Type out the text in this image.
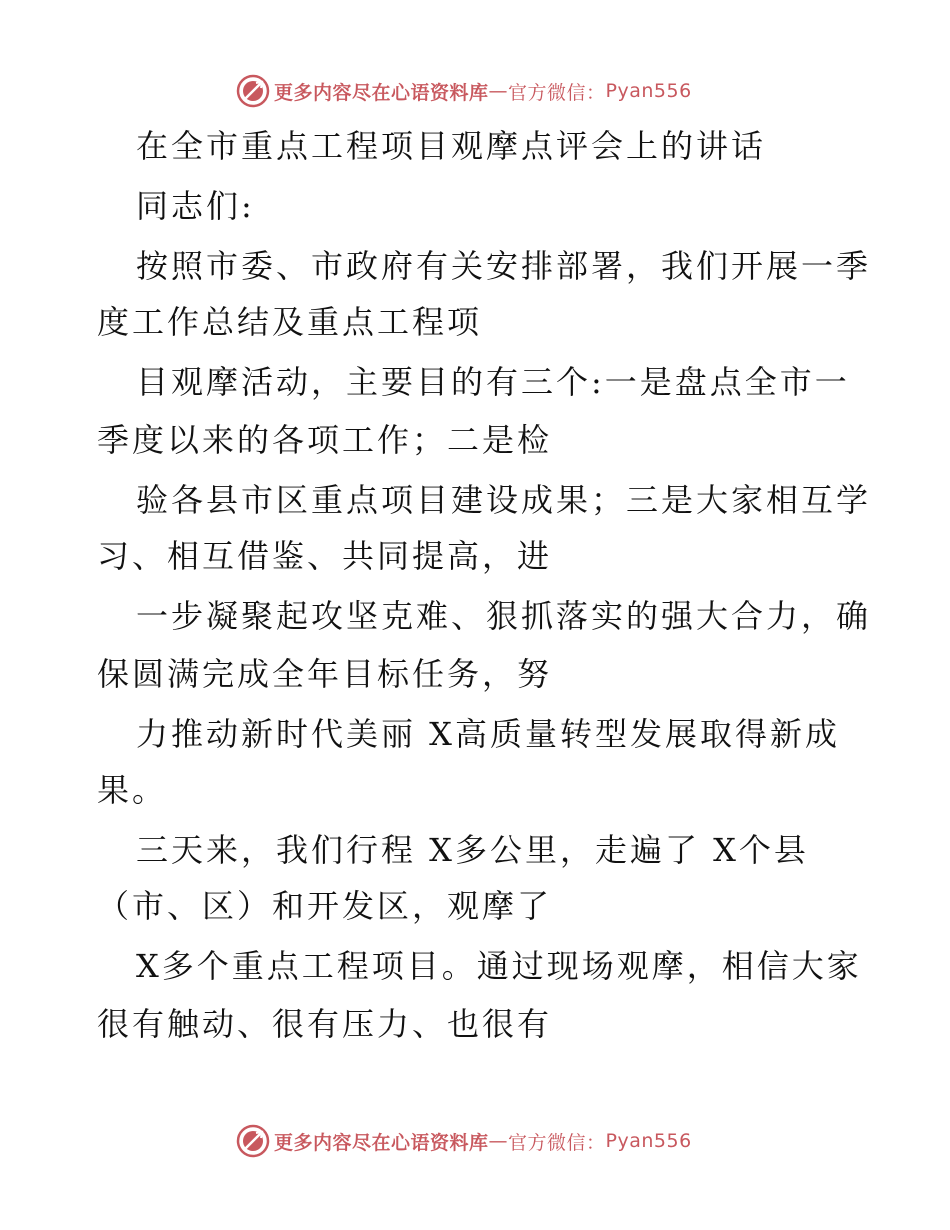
更多内容尽在心语资料库 — 官方微信： Pyan556
在全市重点工程项目观摩点评会上的讲话
同志们:
按照市委、市政府有关安排部署，我们开展一季
度工作总结及重点工程项
目观摩活动，主要目的有三个:一是盘点全市一
季度以来的各项工作；二是检
验各县市区重点项目建设成果；三是大家相互学
习、相互借鉴、共同提高，进
一步凝聚起攻坚克难、狠抓落实的强大合力，确
保圆满完成全年目标任务，努
力推动新时代美丽 X高质量转型发展取得新成
果。
三天来，我们行程 X多公里，走遍了 X个县
（市、区）和开发区，观摩了
X多个重点工程项目。通过现场观摩，相信大家
很有触动、很有压力、也很有
更多内容尽在心语资料库 — 官方微信： Pyan556
